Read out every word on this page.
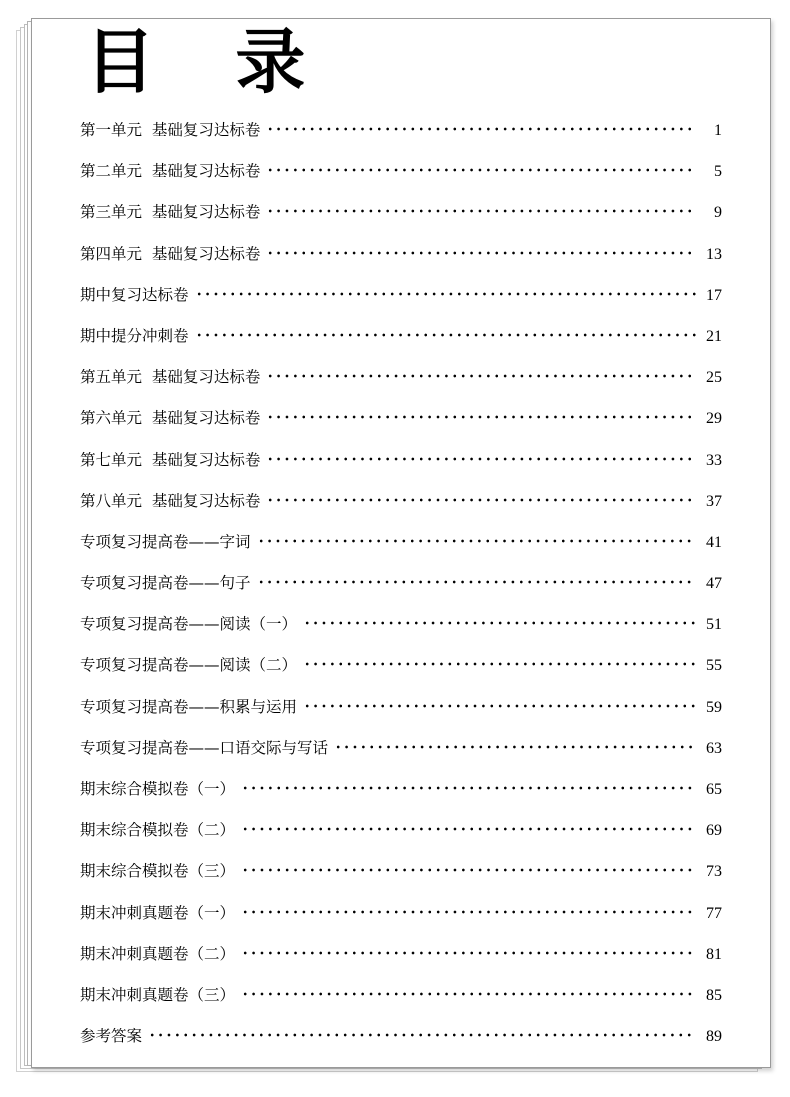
目 录
第一单元  基础复习达标卷	1
第二单元  基础复习达标卷	5
第三单元  基础复习达标卷	9
第四单元  基础复习达标卷	13
期中复习达标卷	17
期中提分冲刺卷	21
第五单元  基础复习达标卷	25
第六单元  基础复习达标卷	29
第七单元  基础复习达标卷	33
第八单元  基础复习达标卷	37
专项复习提高卷——字词	41
专项复习提高卷——句子	47
专项复习提高卷——阅读（一）	51
专项复习提高卷——阅读（二）	55
专项复习提高卷——积累与运用	59
专项复习提高卷——口语交际与写话	63
期末综合模拟卷（一）	65
期末综合模拟卷（二）	69
期末综合模拟卷（三）	73
期末冲刺真题卷（一）	77
期末冲刺真题卷（二）	81
期末冲刺真题卷（三）	85
参考答案	89
